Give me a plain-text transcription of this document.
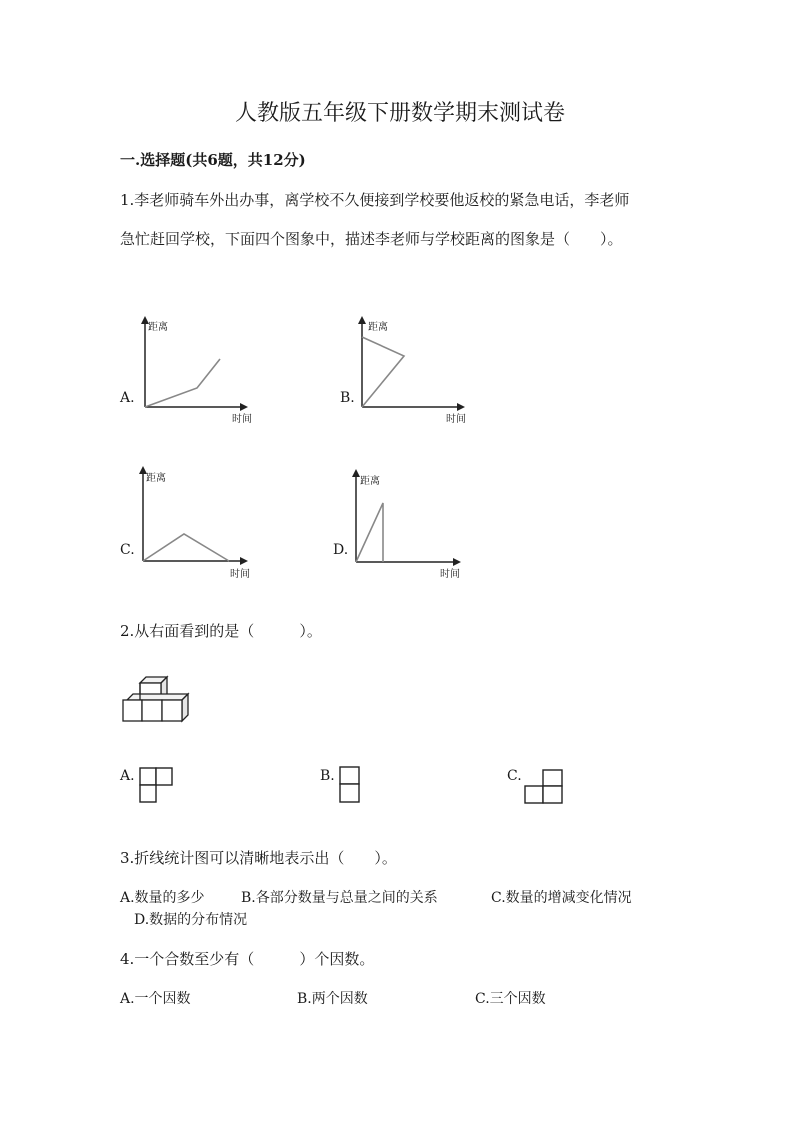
人教版五年级下册数学期末测试卷
一.选择题(共6题，共12分)
1.李老师骑车外出办事，离学校不久便接到学校要他返校的紧急电话，李老师
急忙赶回学校，下面四个图象中，描述李老师与学校距离的图象是（　　）。
A.	B.
C.	D.
距离
时间
距离
时间
距离
时间
距离
时间
2.从右面看到的是（　　　）。
A.	B.	C.
3.折线统计图可以清晰地表示出（　　）。
A.数量的多少	B.各部分数量与总量之间的关系	C.数量的增减变化情况
D.数据的分布情况
4.一个合数至少有（　　　）个因数。
A.一个因数	B.两个因数	C.三个因数
